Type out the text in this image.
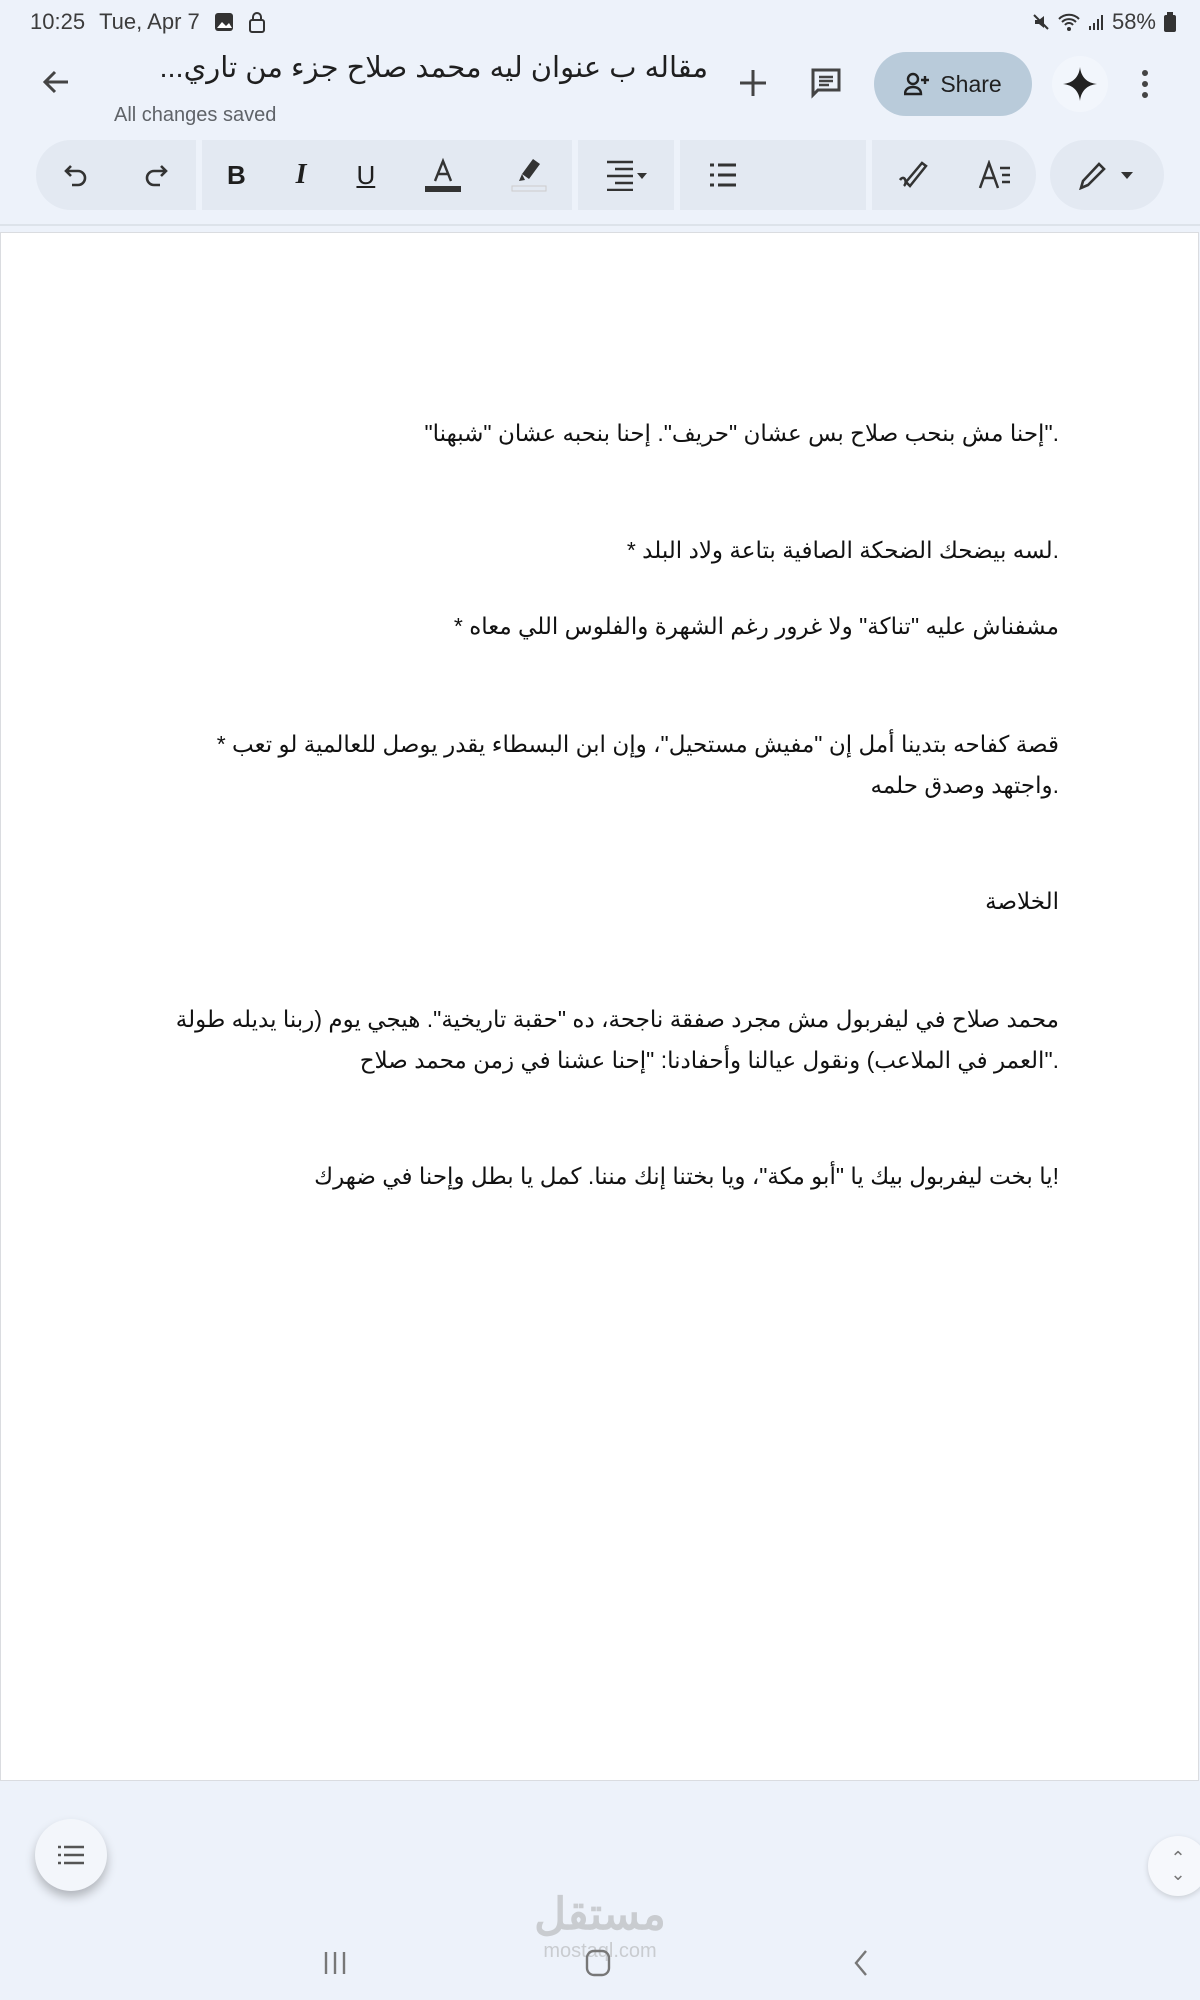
10:25 Tue, Apr 7	58%
مقاله ب عنوان ليه محمد صلاح جزء من تاري...
All changes saved
Share
B I U

"إحنا مش بنحب صلاح بس عشان "حريف". إحنا بنحبه عشان "شبهنا".

* لسه بيضحك الضحكة الصافية بتاعة ولاد البلد.

* مشفناش عليه "تناكة" ولا غرور رغم الشهرة والفلوس اللي معاه

* قصة كفاحه بتدينا أمل إن "مفيش مستحيل"، وإن ابن البسطاء يقدر يوصل للعالمية لو تعب واجتهد وصدق حلمه.

الخلاصة

محمد صلاح في ليفربول مش مجرد صفقة ناجحة، ده "حقبة تاريخية". هيجي يوم (ربنا يديله طولة العمر في الملاعب) ونقول عيالنا وأحفادنا: "إحنا عشنا في زمن محمد صلاح".

يا بخت ليفربول بيك يا "أبو مكة"، ويا بختنا إنك مننا. كمل يا بطل وإحنا في ضهرك!

⌃
⌄
مستقل
mostaql.com
